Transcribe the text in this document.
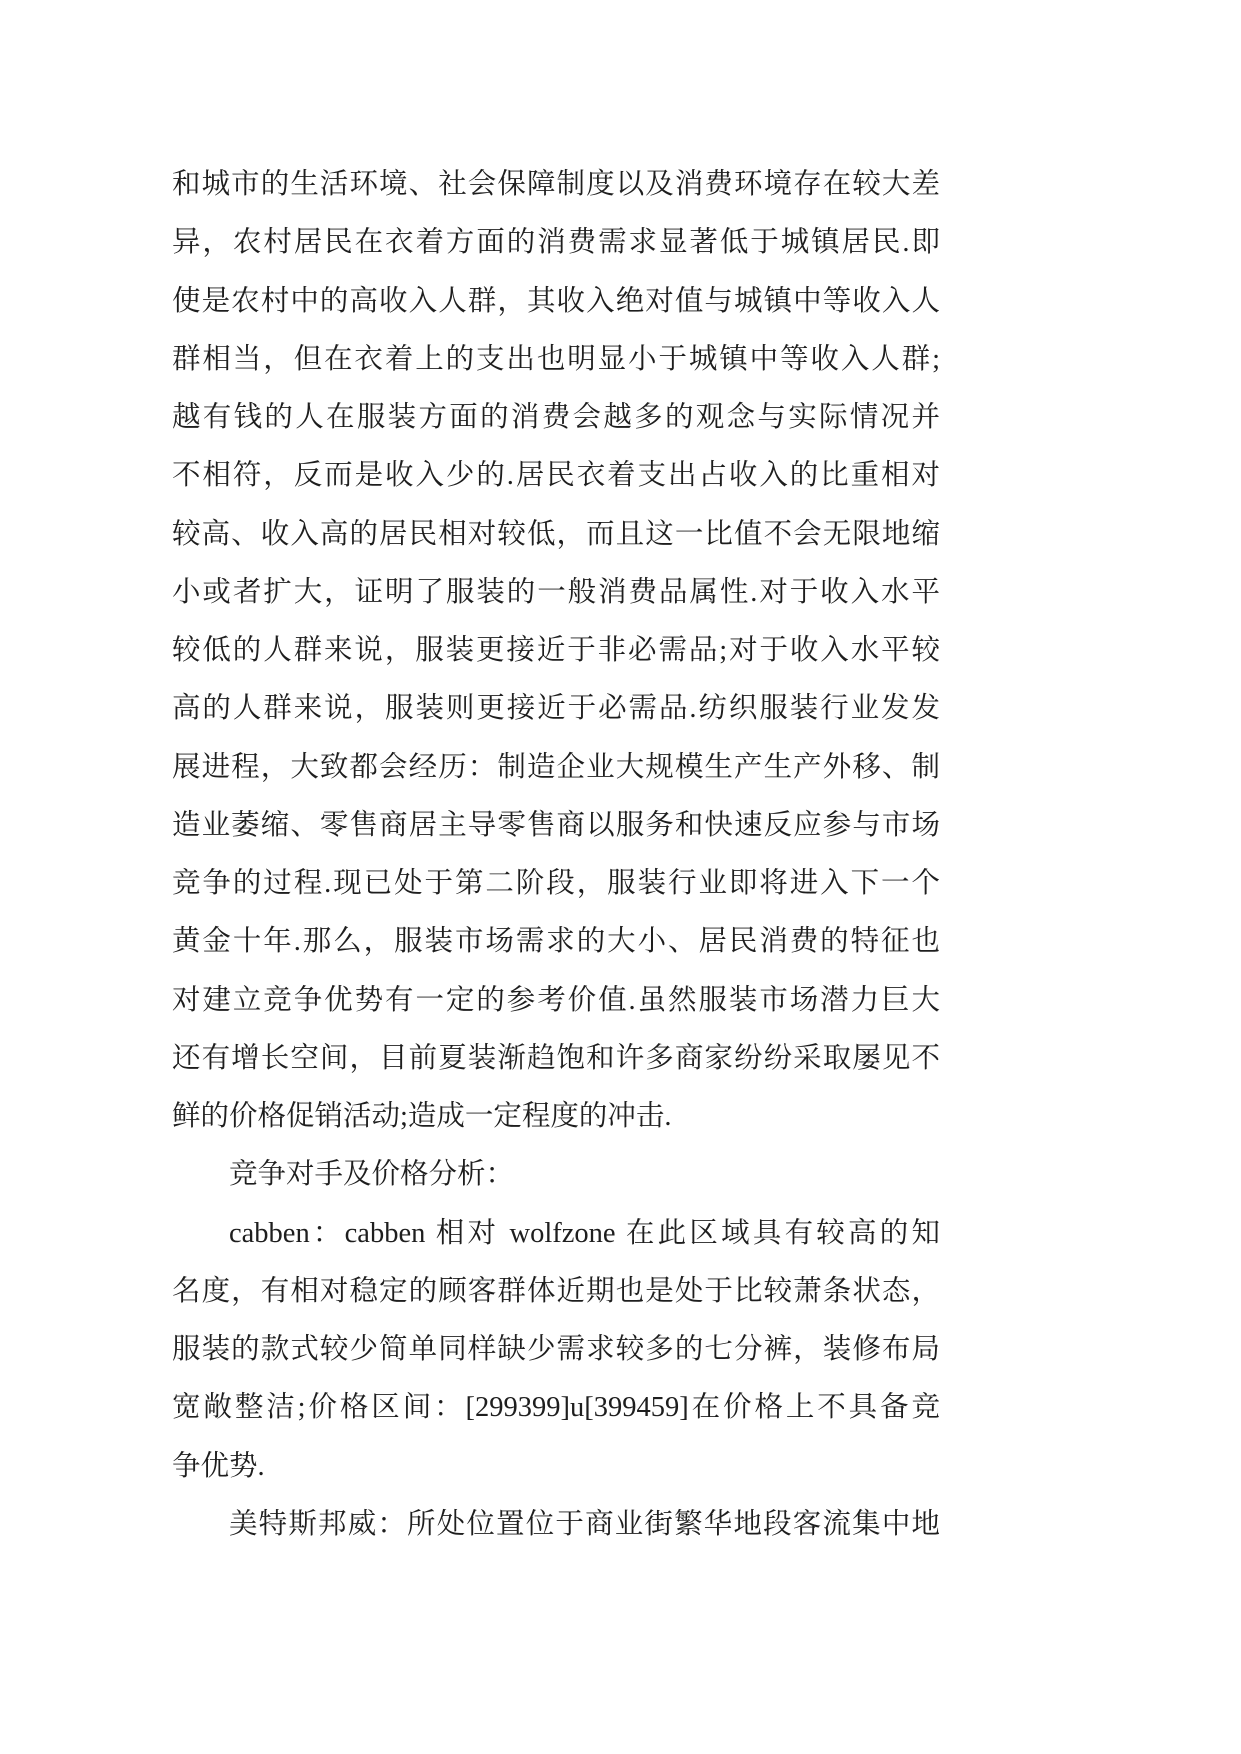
和城市的生活环境、社会保障制度以及消费环境存在较大差
异，农村居民在衣着方面的消费需求显著低于城镇居民.即
使是农村中的高收入人群，其收入绝对值与城镇中等收入人
群相当，但在衣着上的支出也明显小于城镇中等收入人群;
越有钱的人在服装方面的消费会越多的观念与实际情况并
不相符，反而是收入少的.居民衣着支出占收入的比重相对
较高、收入高的居民相对较低，而且这一比值不会无限地缩
小或者扩大，证明了服装的一般消费品属性.对于收入水平
较低的人群来说，服装更接近于非必需品;对于收入水平较
高的人群来说，服装则更接近于必需品.纺织服装行业发发
展进程，大致都会经历：制造企业大规模生产生产外移、制
造业萎缩、零售商居主导零售商以服务和快速反应参与市场
竞争的过程.现已处于第二阶段，服装行业即将进入下一个
黄金十年.那么，服装市场需求的大小、居民消费的特征也
对建立竞争优势有一定的参考价值.虽然服装市场潜力巨大
还有增长空间，目前夏装渐趋饱和许多商家纷纷采取屡见不
鲜的价格促销活动;造成一定程度的冲击.
竞争对手及价格分析：
cabben：cabben 相对 wolfzone 在此区域具有较高的知
名度，有相对稳定的顾客群体近期也是处于比较萧条状态，
服装的款式较少简单同样缺少需求较多的七分裤，装修布局
宽敞整洁;价格区间：[299399]u[399459]在价格上不具备竞
争优势.
美特斯邦威：所处位置位于商业街繁华地段客流集中地
